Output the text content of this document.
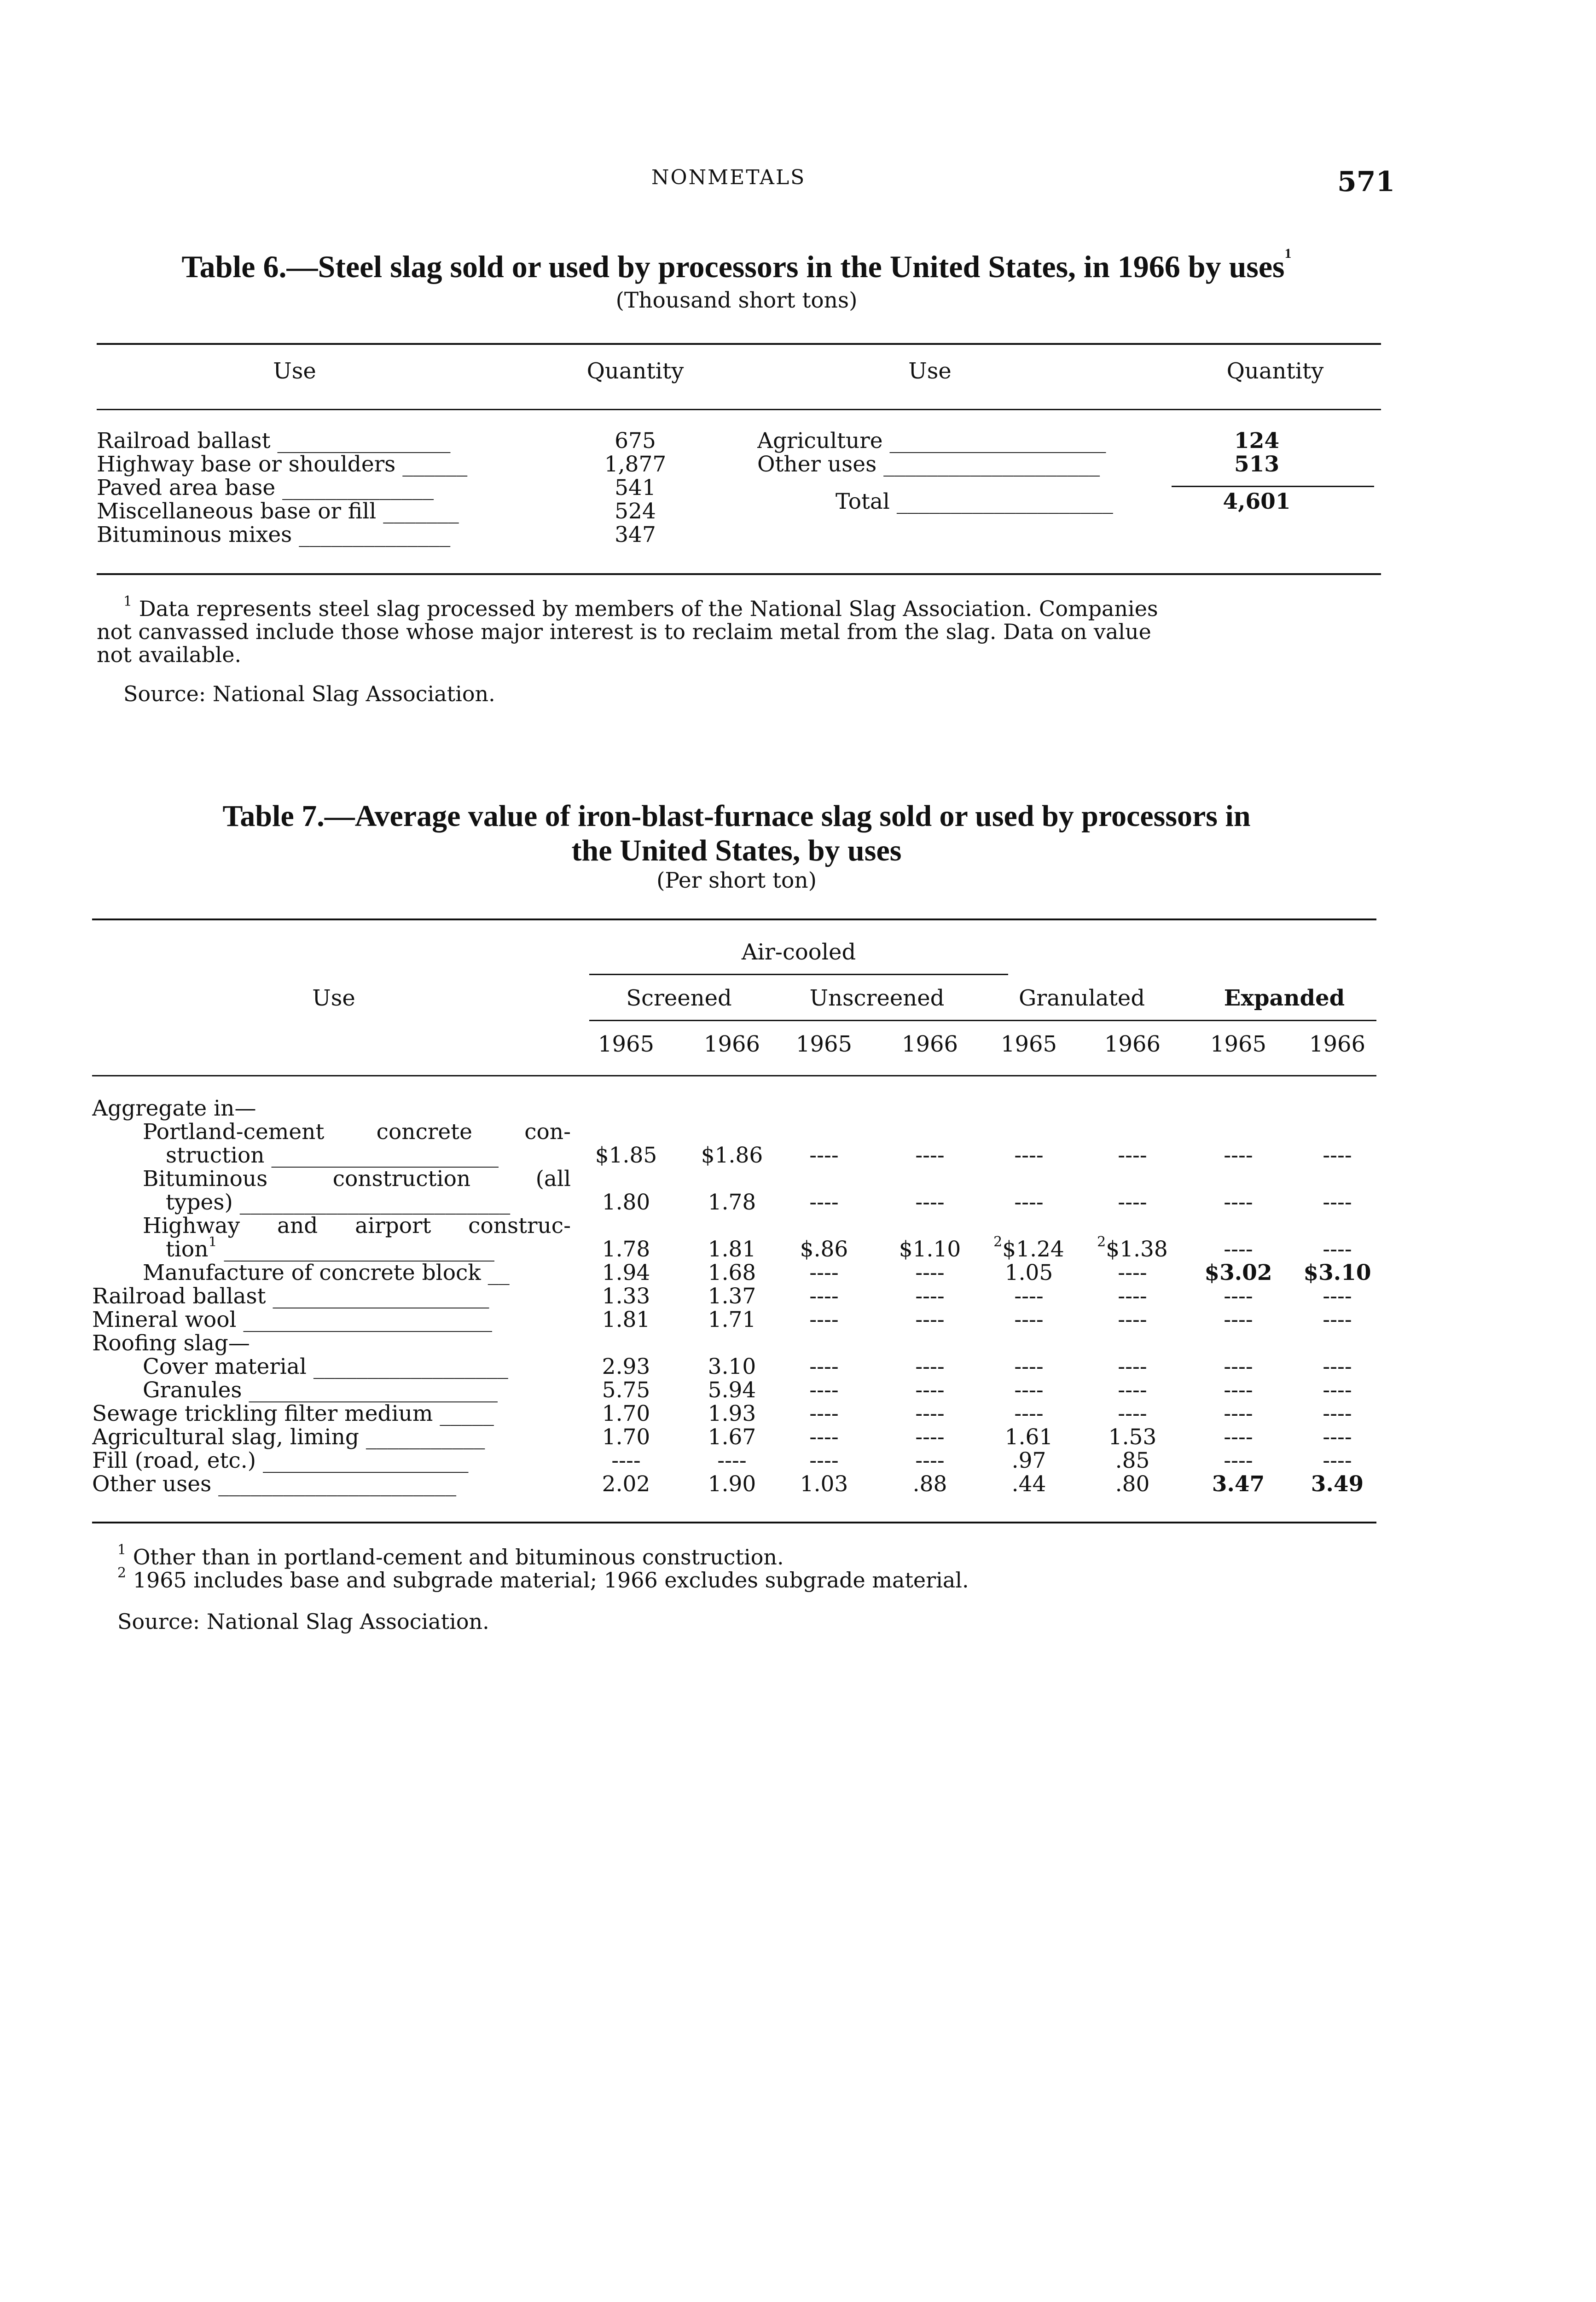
NONMETALS	571
Table 6.—Steel slag sold or used by processors in the United States, in 1966 by uses$^1$
(Thousand short tons)
Use	Quantity	Use	Quantity
Railroad ballast ________________	675
Highway base or shoulders ______	1,877
Paved area base ______________	541
Miscellaneous base or fill _______	524
Bituminous mixes ______________	347
Agriculture ____________________	124
Other uses ____________________	513
Total ____________________	4,601
$^1$ Data represents steel slag processed by members of the National Slag Association. Companies
not canvassed include those whose major interest is to reclaim metal from the slag. Data on value
not available.
Source: National Slag Association.
Table 7.—Average value of iron-blast-furnace slag sold or used by processors in
the United States, by uses
(Per short ton)
Use
Air-cooled
Screened	Unscreened	Granulated	Expanded
1965	1966	1965	1966	1965	1966	1965	1966
Aggregate in—
Portland-cement concrete con-
struction _____________________	$1.85	$1.86	----	----	----	----	----	----
Bituminous construction (all
types) _________________________	1.80	1.78	----	----	----	----	----	----
Highway and airport construc-
tion$^1$ _________________________	1.78	1.81	$.86	$1.10	$^2$\$1.24	$^2$\$1.38	----	----
Manufacture of concrete block __	1.94	1.68	----	----	1.05	----	$3.02	$3.10
Railroad ballast ____________________	1.33	1.37	----	----	----	----	----	----
Mineral wool _______________________	1.81	1.71	----	----	----	----	----	----
Roofing slag—
Cover material __________________	2.93	3.10	----	----	----	----	----	----
Granules _______________________	5.75	5.94	----	----	----	----	----	----
Sewage trickling filter medium _____	1.70	1.93	----	----	----	----	----	----
Agricultural slag, liming ___________	1.70	1.67	----	----	1.61	1.53	----	----
Fill (road, etc.) ___________________	----	----	----	----	.97	.85	----	----
Other uses ______________________	2.02	1.90	1.03	.88	.44	.80	3.47	3.49
$^1$ Other than in portland-cement and bituminous construction.
$^2$ 1965 includes base and subgrade material; 1966 excludes subgrade material.
Source: National Slag Association.
